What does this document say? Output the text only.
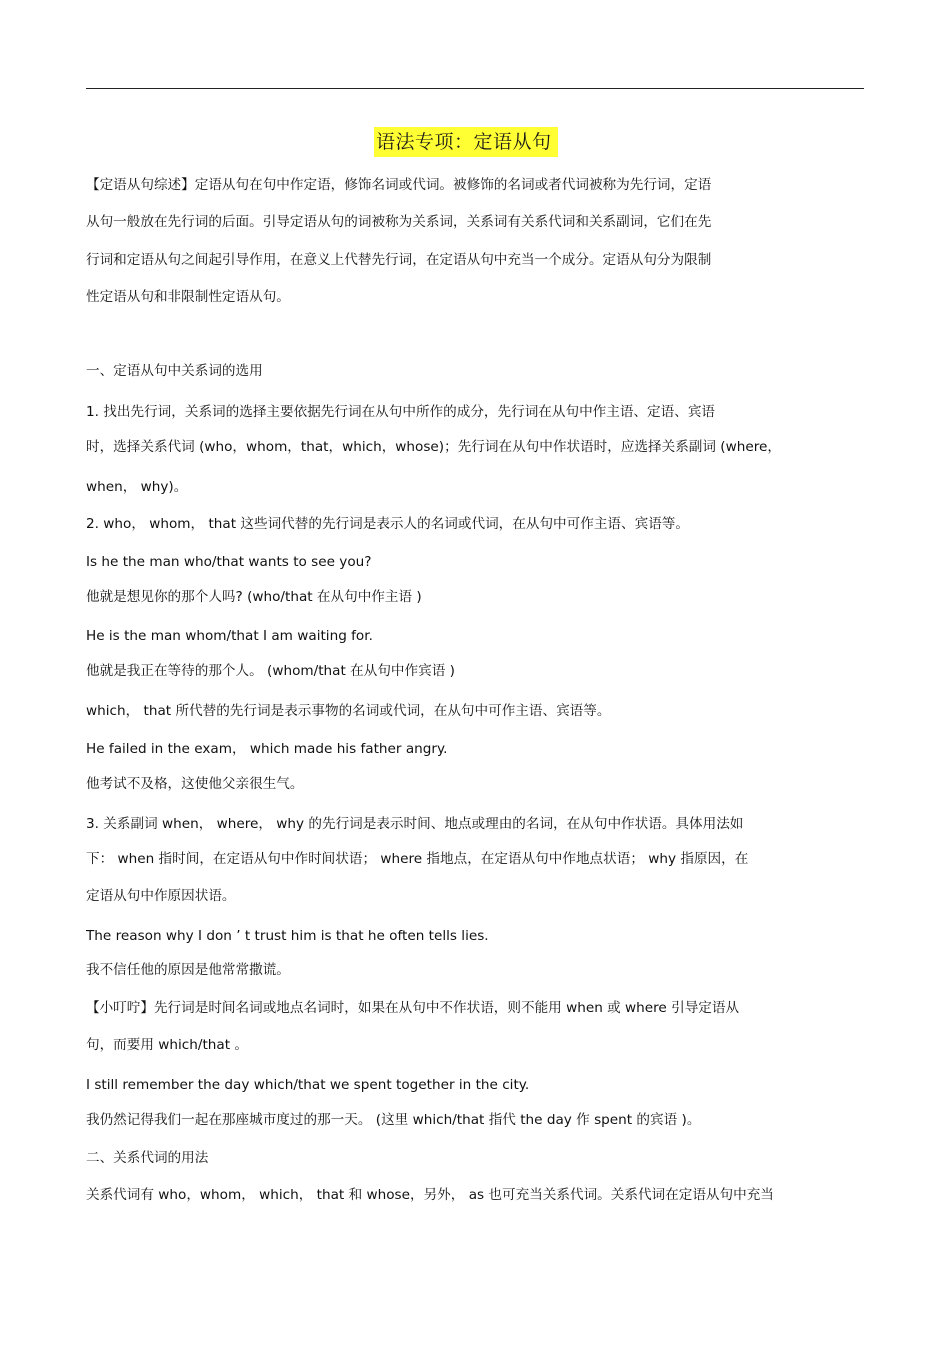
语法专项：定语从句
【定语从句综述】定语从句在句中作定语，修饰名词或代词。被修饰的名词或者代词被称为先行词，定语
从句一般放在先行词的后面。引导定语从句的词被称为关系词，关系词有关系代词和关系副词，它们在先
行词和定语从句之间起引导作用，在意义上代替先行词，在定语从句中充当一个成分。定语从句分为限制
性定语从句和非限制性定语从句。
一、定语从句中关系词的选用
1. 找出先行词，关系词的选择主要依据先行词在从句中所作的成分，先行词在从句中作主语、定语、宾语
时，选择关系代词 (who，whom，that，which，whose)；先行词在从句中作状语时，应选择关系副词 (where，
when， why)。
2. who， whom， that 这些词代替的先行词是表示人的名词或代词，在从句中可作主语、宾语等。
Is he the man who/that wants to see you?
他就是想见你的那个人吗? (who/that 在从句中作主语 )
He is the man whom/that I am waiting for.
他就是我正在等待的那个人。 (whom/that 在从句中作宾语 )
which， that 所代替的先行词是表示事物的名词或代词，在从句中可作主语、宾语等。
He failed in the exam， which made his father angry.
他考试不及格，这使他父亲很生气。
3. 关系副词 when， where， why 的先行词是表示时间、地点或理由的名词，在从句中作状语。具体用法如
下： when 指时间，在定语从句中作时间状语； where 指地点，在定语从句中作地点状语； why 指原因，在
定语从句中作原因状语。
The reason why I don ’ t trust him is that he often tells lies.
我不信任他的原因是他常常撒谎。
【小叮咛】先行词是时间名词或地点名词时，如果在从句中不作状语，则不能用 when 或 where 引导定语从
句，而要用 which/that 。
I still remember the day which/that we spent together in the city.
我仍然记得我们一起在那座城市度过的那一天。 (这里 which/that 指代 the day 作 spent 的宾语 )。
二、关系代词的用法
关系代词有 who，whom， which， that 和 whose，另外， as 也可充当关系代词。关系代词在定语从句中充当
